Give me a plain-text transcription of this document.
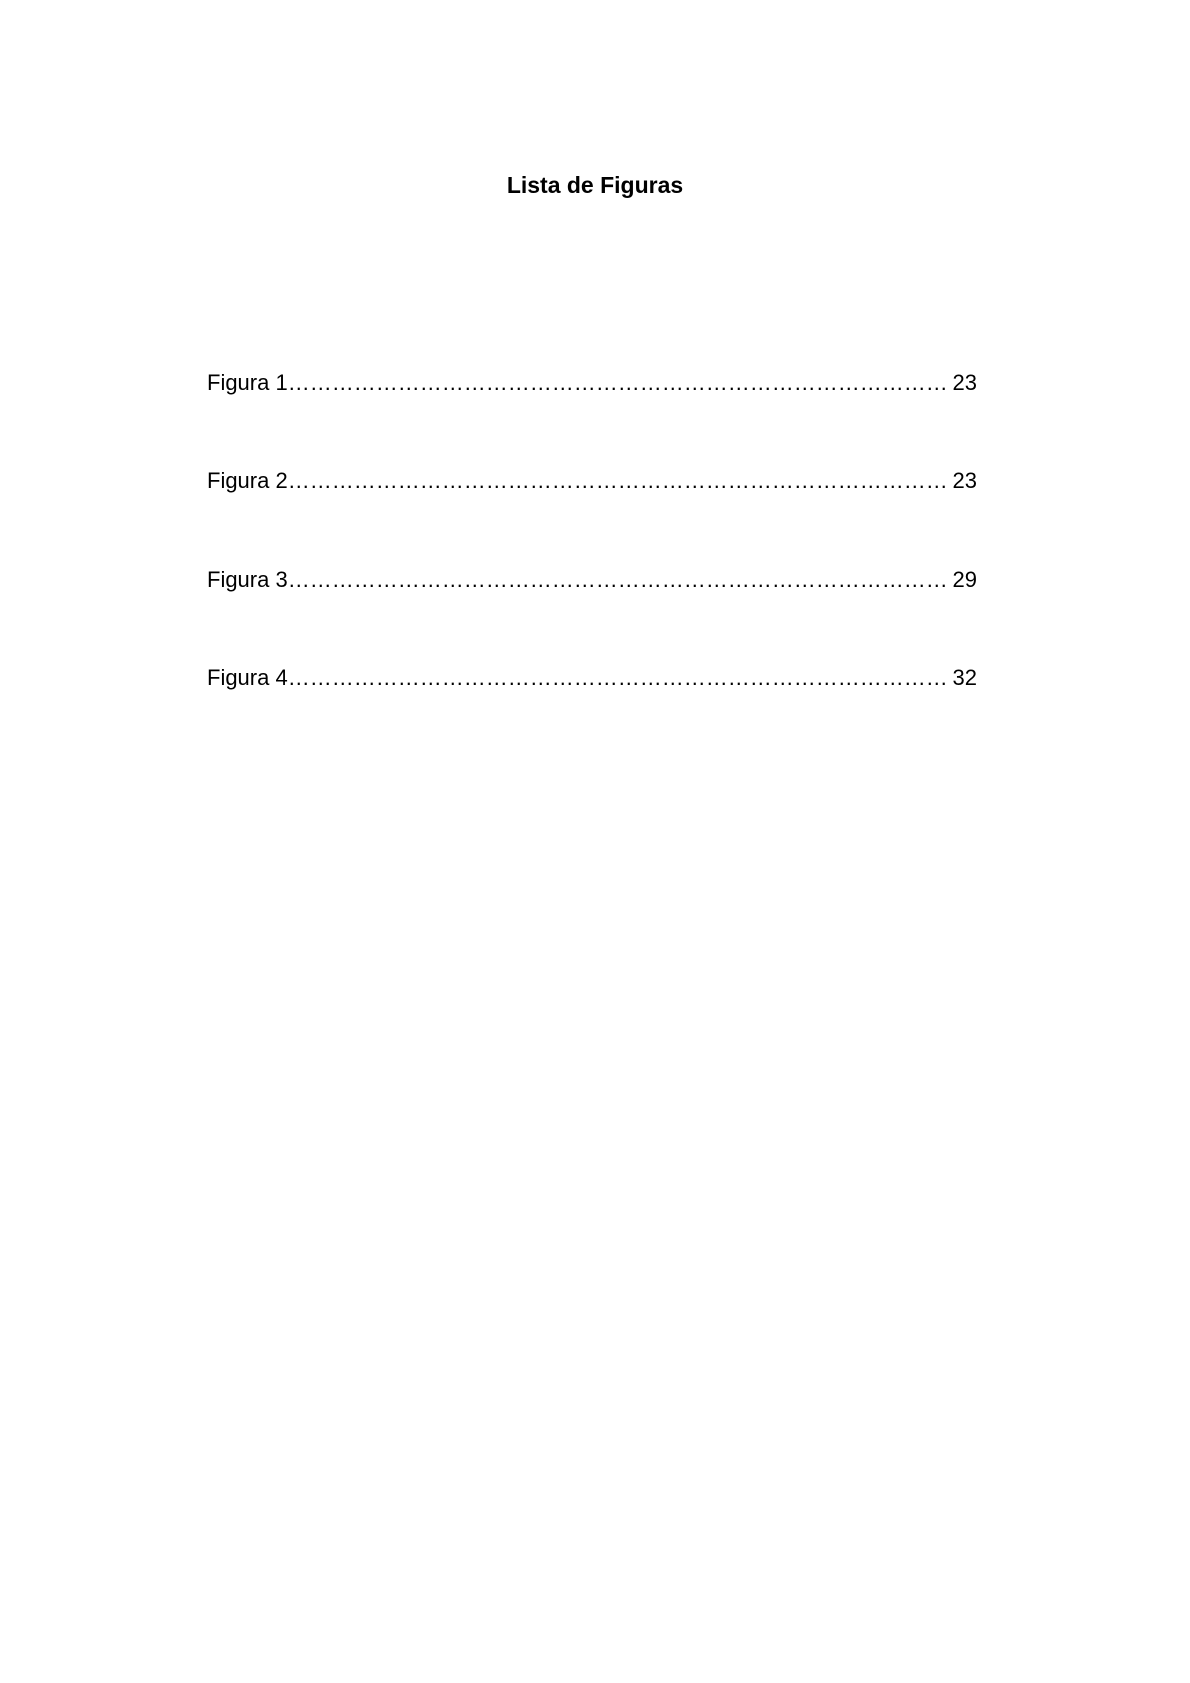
Lista de Figuras
Figura 1 ………………………………………………………………………………………………………………………………………………………………	23
Figura 2 ………………………………………………………………………………………………………………………………………………………………	23
Figura 3 ………………………………………………………………………………………………………………………………………………………………	29
Figura 4 ………………………………………………………………………………………………………………………………………………………………	32
